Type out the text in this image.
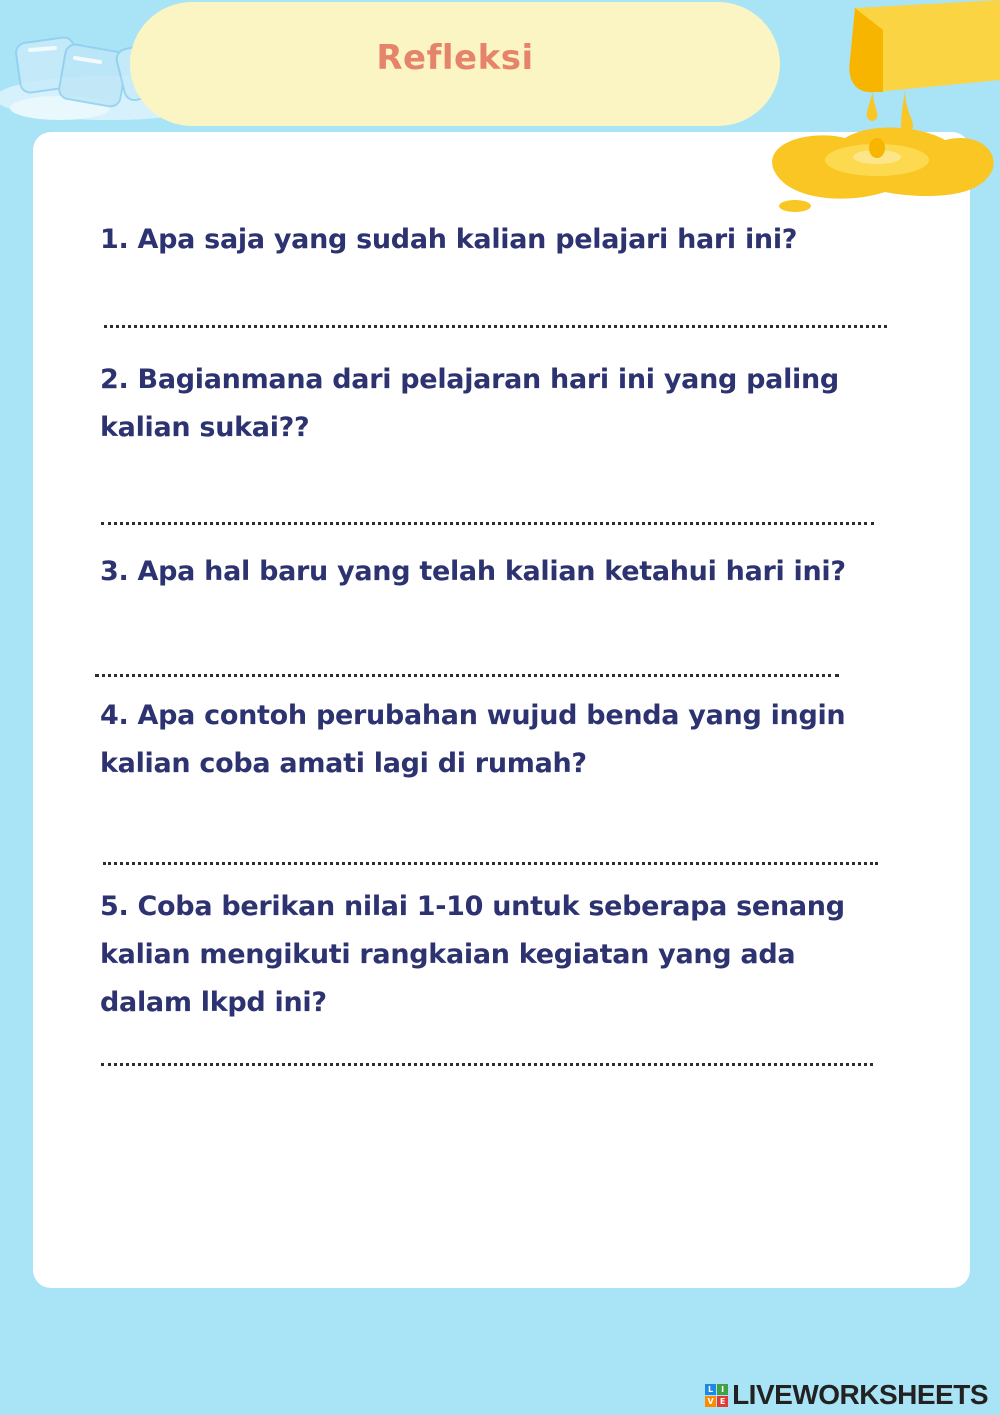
Refleksi

1. Apa saja yang sudah kalian pelajari hari ini?

2. Bagianmana dari pelajaran hari ini yang paling kalian sukai??

3. Apa hal baru yang telah kalian ketahui hari ini?

4. Apa contoh perubahan wujud benda yang ingin kalian coba amati lagi di rumah?

5. Coba berikan nilai 1-10 untuk seberapa senang kalian mengikuti rangkaian kegiatan yang ada dalam lkpd ini?

L I
V E LIVEWORKSHEETS
